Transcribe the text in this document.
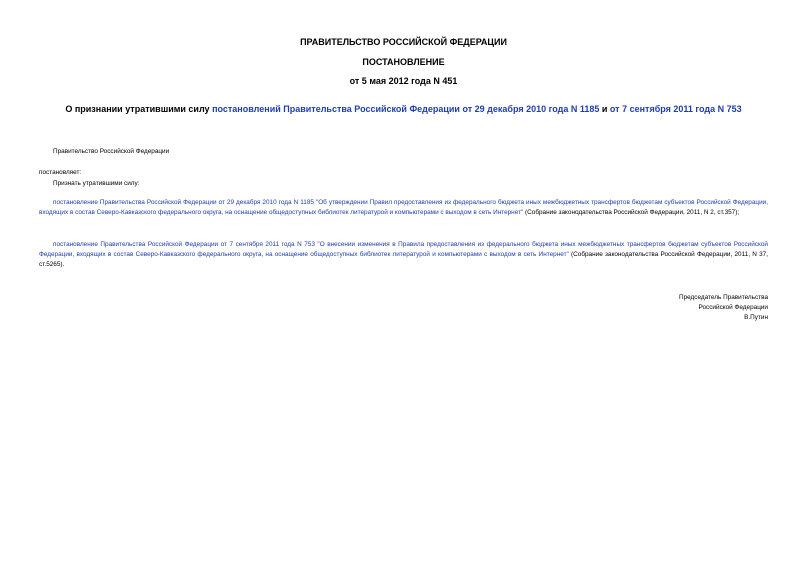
ПРАВИТЕЛЬСТВО РОССИЙСКОЙ ФЕДЕРАЦИИ
ПОСТАНОВЛЕНИЕ
от 5 мая 2012 года N 451
О признании утратившими силу постановлений Правительства Российской Федерации от 29 декабря 2010 года N 1185 и от 7 сентября 2011 года N 753
Правительство Российской Федерации
постановляет:
Признать утратившими силу:
постановление Правительства Российской Федерации от 29 декабря 2010 года N 1185 "Об утверждении Правил предоставления из федерального бюджета иных межбюджетных трансфертов бюджетам субъектов Российской Федерации, входящих в состав Северо-Кавказского федерального округа, на оснащение общедоступных библиотек литературой и компьютерами с выходом в сеть Интернет" (Собрание законодательства Российской Федерации, 2011, N 2, ст.357);
постановление Правительства Российской Федерации от 7 сентября 2011 года N 753 "О внесении изменения в Правила предоставления из федерального бюджета иных межбюджетных трансфертов бюджетам субъектов Российской Федерации, входящих в состав Северо-Кавказского федерального округа, на оснащение общедоступных библиотек литературой и компьютерами с выходом в сеть Интернет" (Собрание законодательства Российской Федерации, 2011, N 37, ст.5265).
Председатель Правительства
Российской Федерации
В.Путин
